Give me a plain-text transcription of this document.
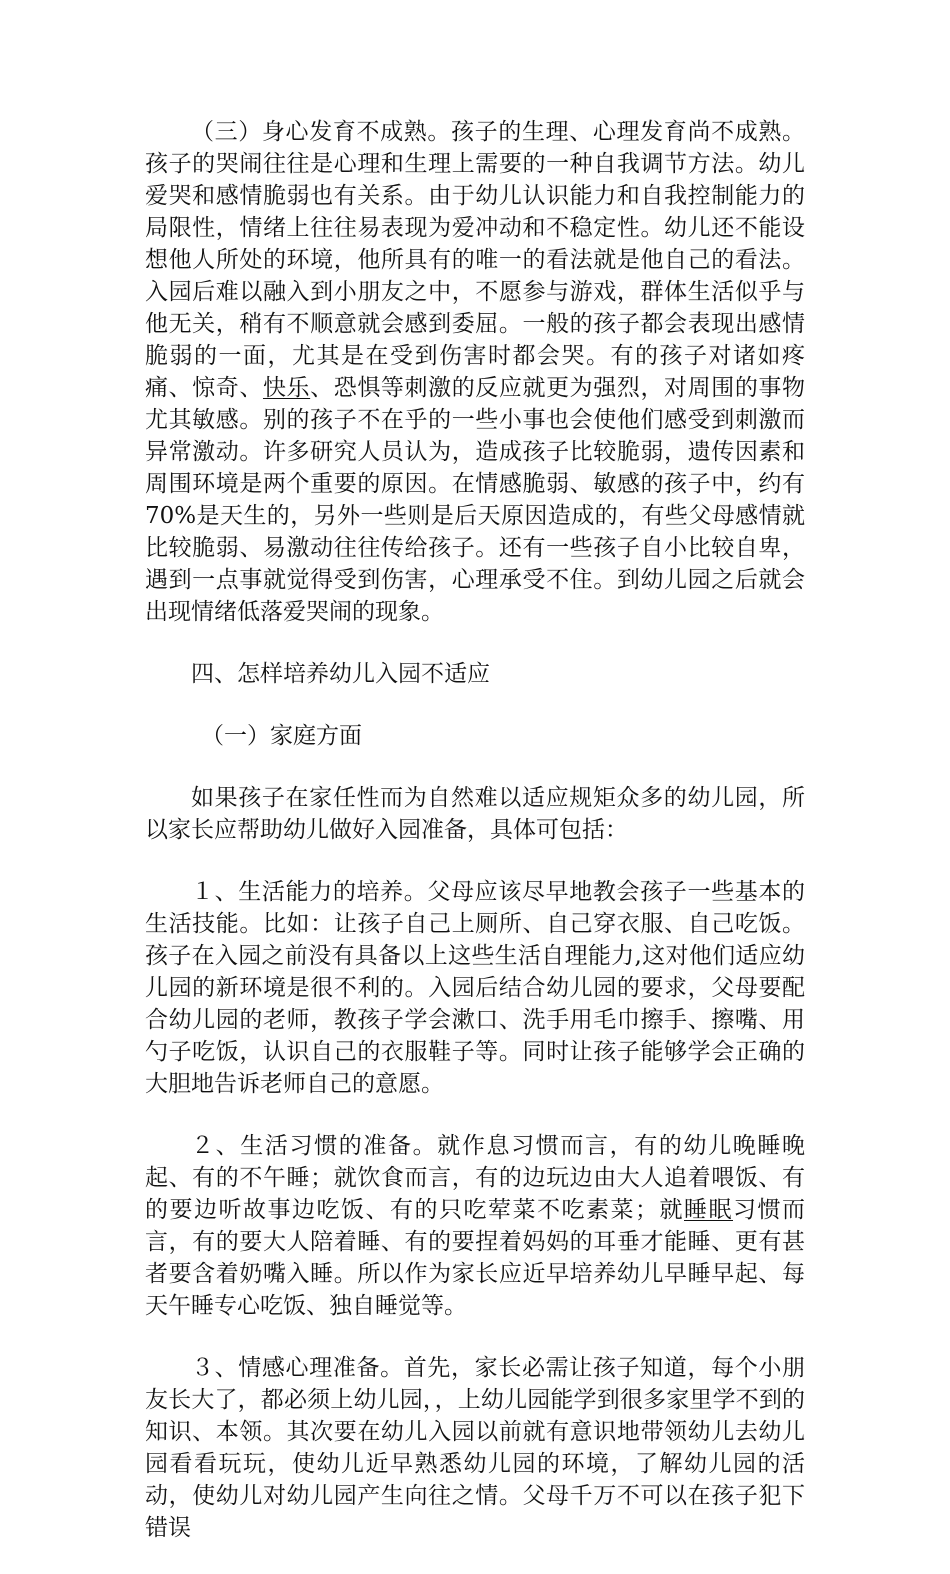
（三）身心发育不成熟。孩子的生理、心理发育尚不成熟。孩子的哭闹往往是心理和生理上需要的一种自我调节方法。幼儿爱哭和感情脆弱也有关系。由于幼儿认识能力和自我控制能力的局限性，情绪上往往易表现为爱冲动和不稳定性。幼儿还不能设想他人所处的环境，他所具有的唯一的看法就是他自己的看法。入园后难以融入到小朋友之中，不愿参与游戏，群体生活似乎与他无关，稍有不顺意就会感到委屈。一般的孩子都会表现出感情脆弱的一面，尤其是在受到伤害时都会哭。有的孩子对诸如疼痛、惊奇、快乐、恐惧等刺激的反应就更为强烈，对周围的事物尤其敏感。别的孩子不在乎的一些小事也会使他们感受到刺激而异常激动。许多研究人员认为，造成孩子比较脆弱，遗传因素和周围环境是两个重要的原因。在情感脆弱、敏感的孩子中，约有 70%是天生的，另外一些则是后天原因造成的，有些父母感情就比较脆弱、易激动往往传给孩子。还有一些孩子自小比较自卑，遇到一点事就觉得受到伤害，心理承受不住。到幼儿园之后就会出现情绪低落爱哭闹的现象。

四、怎样培养幼儿入园不适应

（一）家庭方面

如果孩子在家任性而为自然难以适应规矩众多的幼儿园，所以家长应帮助幼儿做好入园准备，具体可包括：

１、生活能力的培养。父母应该尽早地教会孩子一些基本的生活技能。比如：让孩子自己上厕所、自己穿衣服、自己吃饭。孩子在入园之前没有具备以上这些生活自理能力,这对他们适应幼儿园的新环境是很不利的。入园后结合幼儿园的要求，父母要配合幼儿园的老师，教孩子学会漱口、洗手用毛巾擦手、擦嘴、用勺子吃饭，认识自己的衣服鞋子等。同时让孩子能够学会正确的大胆地告诉老师自己的意愿。

２、生活习惯的准备。就作息习惯而言，有的幼儿晚睡晚起、有的不午睡；就饮食而言，有的边玩边由大人追着喂饭、有的要边听故事边吃饭、有的只吃荤菜不吃素菜；就睡眠习惯而言，有的要大人陪着睡、有的要捏着妈妈的耳垂才能睡、更有甚者要含着奶嘴入睡。所以作为家长应近早培养幼儿早睡早起、每天午睡专心吃饭、独自睡觉等。

３、情感心理准备。首先，家长必需让孩子知道，每个小朋友长大了，都必须上幼儿园，，上幼儿园能学到很多家里学不到的知识、本领。其次要在幼儿入园以前就有意识地带领幼儿去幼儿园看看玩玩，使幼儿近早熟悉幼儿园的环境，了解幼儿园的活动，使幼儿对幼儿园产生向往之情。父母千万不可以在孩子犯下错误
